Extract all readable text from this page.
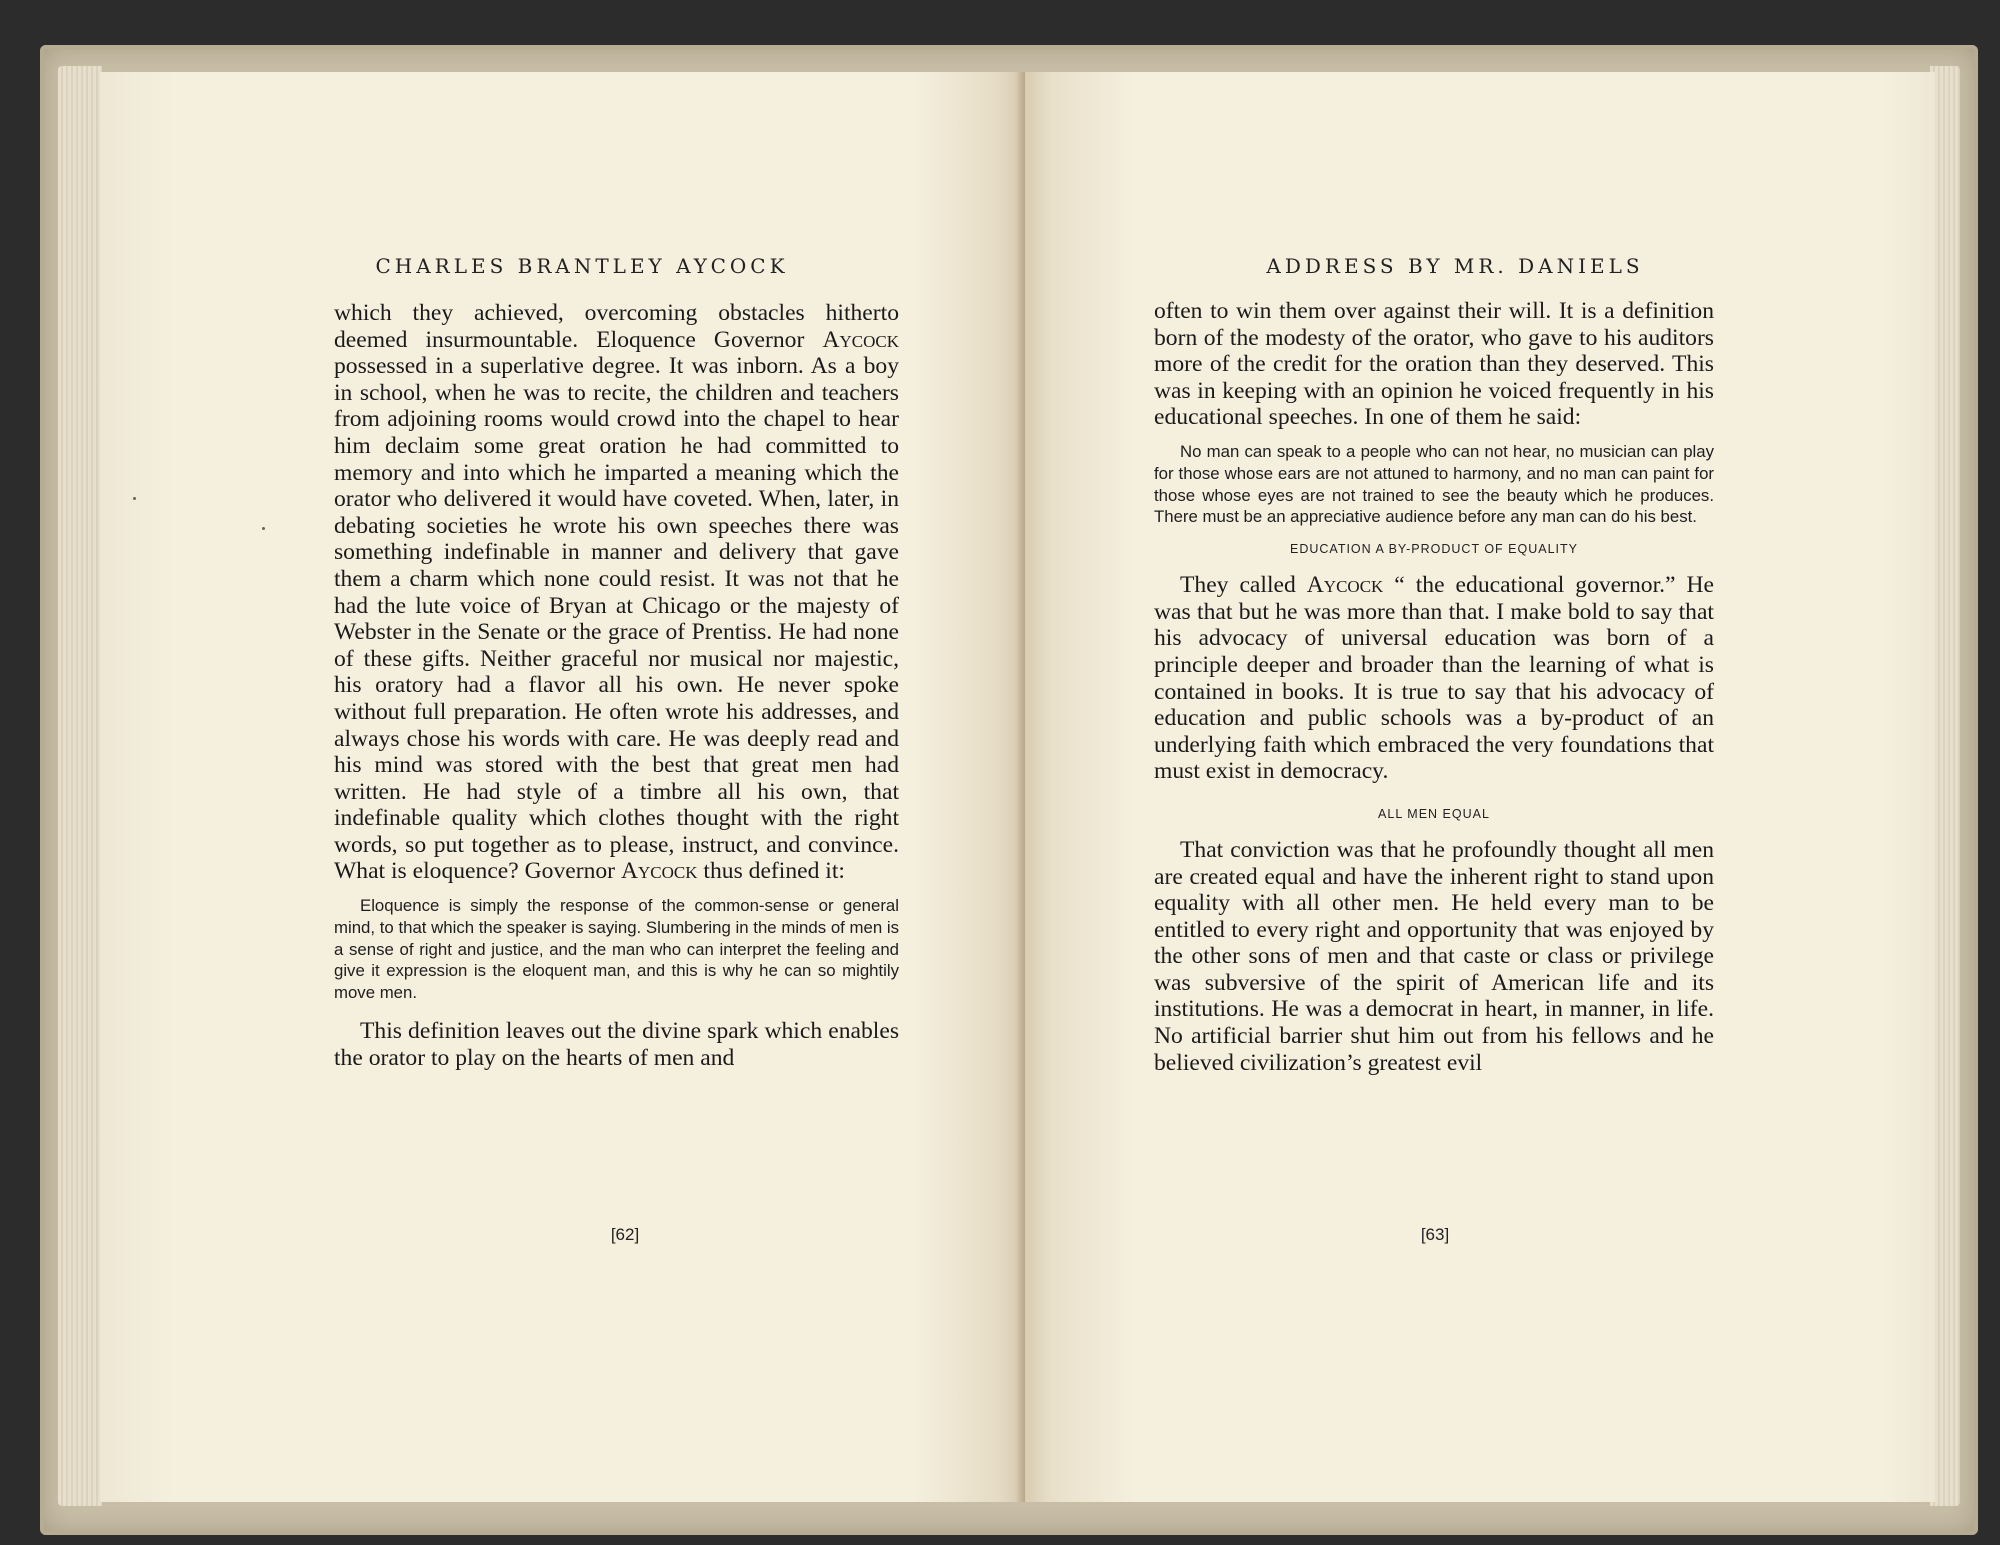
CHARLES BRANTLEY AYCOCK

which they achieved, overcoming obstacles hitherto deemed insurmountable. Eloquence Governor Aycock possessed in a superlative degree. It was inborn. As a boy in school, when he was to recite, the children and teachers from adjoining rooms would crowd into the chapel to hear him declaim some great oration he had committed to memory and into which he imparted a meaning which the orator who delivered it would have coveted. When, later, in debating societies he wrote his own speeches there was something indefinable in manner and delivery that gave them a charm which none could resist. It was not that he had the lute voice of Bryan at Chicago or the majesty of Webster in the Senate or the grace of Prentiss. He had none of these gifts. Neither graceful nor musical nor majestic, his oratory had a flavor all his own. He never spoke without full preparation. He often wrote his addresses, and always chose his words with care. He was deeply read and his mind was stored with the best that great men had written. He had style of a timbre all his own, that indefinable quality which clothes thought with the right words, so put together as to please, instruct, and convince. What is eloquence? Governor Aycock thus defined it:

Eloquence is simply the response of the common-sense or general mind, to that which the speaker is saying. Slumbering in the minds of men is a sense of right and justice, and the man who can interpret the feeling and give it expression is the eloquent man, and this is why he can so mightily move men.

This definition leaves out the divine spark which enables the orator to play on the hearts of men and

[62]
ADDRESS BY MR. DANIELS

often to win them over against their will. It is a definition born of the modesty of the orator, who gave to his auditors more of the credit for the oration than they deserved. This was in keeping with an opinion he voiced frequently in his educational speeches. In one of them he said:

No man can speak to a people who can not hear, no musician can play for those whose ears are not attuned to harmony, and no man can paint for those whose eyes are not trained to see the beauty which he produces. There must be an appreciative audience before any man can do his best.

EDUCATION A BY-PRODUCT OF EQUALITY

They called Aycock “ the educational governor.” He was that but he was more than that. I make bold to say that his advocacy of universal education was born of a principle deeper and broader than the learning of what is contained in books. It is true to say that his advocacy of education and public schools was a by-product of an underlying faith which embraced the very foundations that must exist in democracy.

ALL MEN EQUAL

That conviction was that he profoundly thought all men are created equal and have the inherent right to stand upon equality with all other men. He held every man to be entitled to every right and opportunity that was enjoyed by the other sons of men and that caste or class or privilege was subversive of the spirit of American life and its institutions. He was a democrat in heart, in manner, in life. No artificial barrier shut him out from his fellows and he believed civilization’s greatest evil

[63]
